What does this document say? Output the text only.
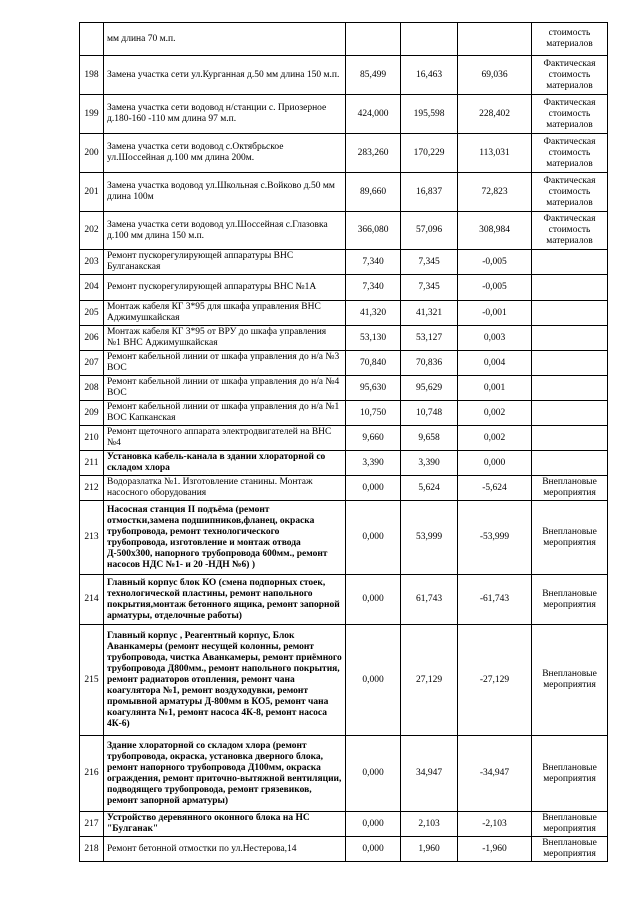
	мм длина 70 м.п.				стоимость материалов
198	Замена участка сети ул.Курганная д.50 мм длина 150 м.п.	85,499	16,463	69,036	Фактическая стоимость материалов
199	Замена участка сети водовод н/станции с. Приозерное д.180-160 -110 мм длина 97 м.п.	424,000	195,598	228,402	Фактическая стоимость материалов
200	Замена участка сети водовод с.Октябрьское ул.Шоссейная д.100 мм длина 200м.	283,260	170,229	113,031	Фактическая стоимость материалов
201	Замена участка водовод ул.Школьная с.Войково д.50 мм длина 100м	89,660	16,837	72,823	Фактическая стоимость материалов
202	Замена участка сети водовод ул.Шоссейная с.Глазовка д.100 мм длина 150 м.п.	366,080	57,096	308,984	Фактическая стоимость материалов
203	Ремонт пускорегулирующей аппаратуры ВНС Булганакская	7,340	7,345	-0,005	
204	Ремонт пускорегулирующей аппаратуры ВНС №1А	7,340	7,345	-0,005	
205	Монтаж кабеля КГ 3*95 для шкафа управления ВНС Аджимушкайская	41,320	41,321	-0,001	
206	Монтаж кабеля КГ 3*95 от ВРУ до шкафа управления №1 ВНС Аджимушкайская	53,130	53,127	0,003	
207	Ремонт кабельной линии от шкафа управления до н/а №3 ВОС	70,840	70,836	0,004	
208	Ремонт кабельной линии от шкафа управления до н/а №4 ВОС	95,630	95,629	0,001	
209	Ремонт кабельной линии от шкафа управления до н/а №1 ВОС Капканская	10,750	10,748	0,002	
210	Ремонт щеточного аппарата электродвигателей на ВНС №4	9,660	9,658	0,002	
211	Установка кабель-канала в здании хлораторной со складом хлора	3,390	3,390	0,000	
212	Водоразлатка №1. Изготовление станины. Монтаж насосного оборудования	0,000	5,624	-5,624	Внеплановые мероприятия
213	Насосная станция II подъёма (ремонт отмостки,замена подшипников,фланец, окраска трубопровода, ремонт технологического трубопровода, изготовление и монтаж отвода Д-500х300, напорного трубопровода 600мм., ремонт насосов НДС №1- и 20 -НДН №6) )	0,000	53,999	-53,999	Внеплановые мероприятия
214	Главный корпус блок КО (смена подпорных стоек, технологической пластины, ремонт напольного покрытия,монтаж бетонного ящика, ремонт запорной арматуры, отделочные работы)	0,000	61,743	-61,743	Внеплановые мероприятия
215	Главный корпус , Реагентный корпус, Блок Аванкамеры (ремонт несущей колонны, ремонт трубопровода, чистка Аванкамеры, ремонт приёмного трубопровода Д800мм., ремонт напольного покрытия, ремонт радиаторов отопления, ремонт чана коагулятора №1, ремонт воздуходувки, ремонт промывной арматуры Д-800мм в КО5, ремонт чана коагулянта №1, ремонт насоса 4К-8, ремонт насоса 4К-6)	0,000	27,129	-27,129	Внеплановые мероприятия
216	Здание хлораторной со складом хлора (ремонт трубопровода, окраска, установка дверного блока, ремонт напорного трубопровода Д100мм, окраска ограждения, ремонт приточно-вытяжной вентиляции, подводящего трубопровода, ремонт грязевиков, ремонт запорной арматуры)	0,000	34,947	-34,947	Внеплановые мероприятия
217	Устройство деревянного оконного блока на НС "Булганак"	0,000	2,103	-2,103	Внеплановые мероприятия
218	Ремонт бетонной отмостки по ул.Нестерова,14	0,000	1,960	-1,960	Внеплановые мероприятия
